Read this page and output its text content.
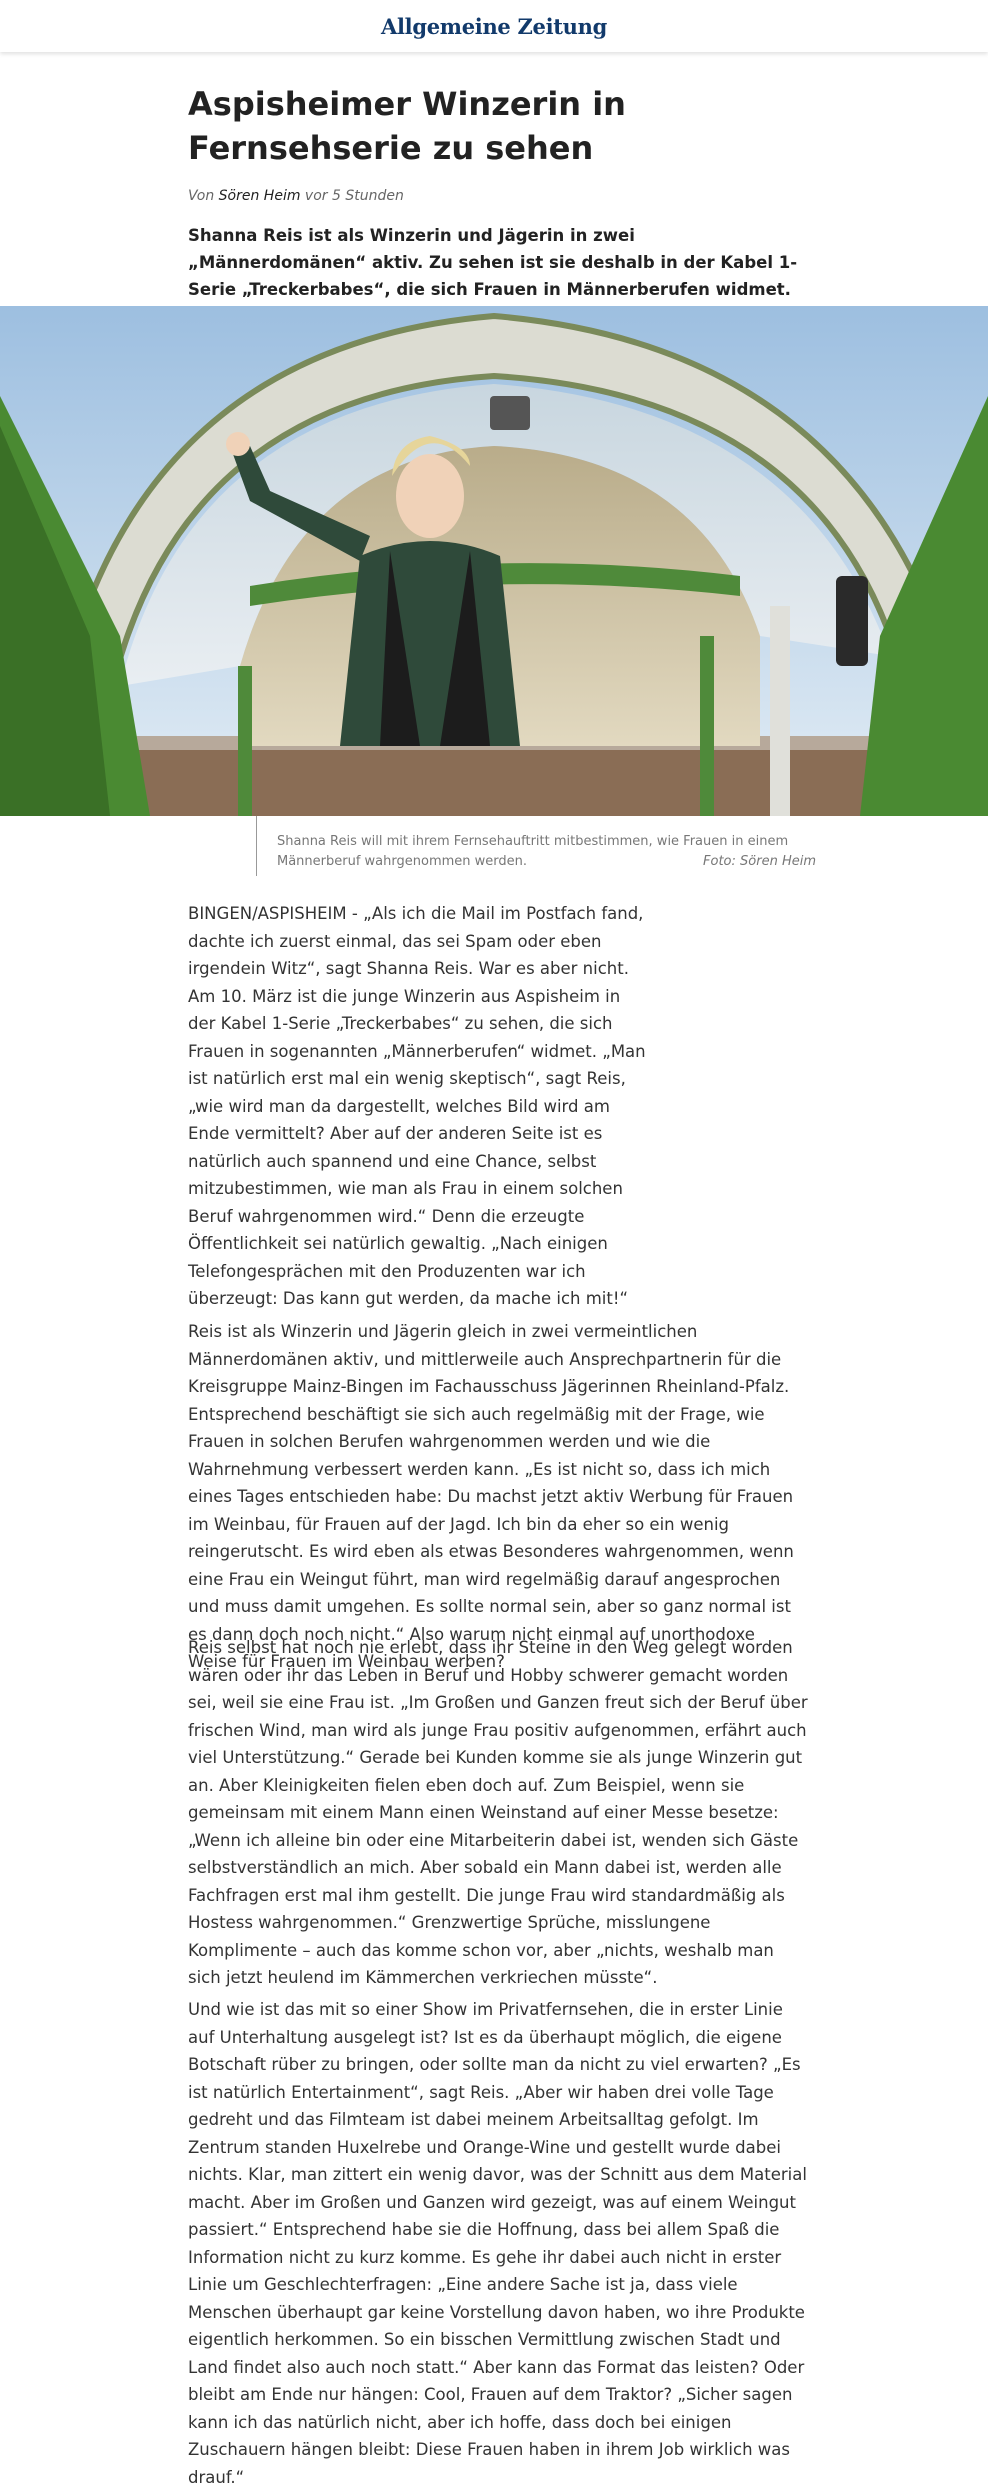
Allgemeine Zeitung
Aspisheimer Winzerin in Fernsehserie zu sehen
Von Sören Heim vor 5 Stunden
Shanna Reis ist als Winzerin und Jägerin in zwei „Männerdomänen“ aktiv. Zu sehen ist sie deshalb in der Kabel 1-Serie „Treckerbabes“, die sich Frauen in Männerberufen widmet.
Shanna Reis will mit ihrem Fernsehauftritt mitbestimmen, wie Frauen in einem Männerberuf wahrgenommen werden.	Foto: Sören Heim

BINGEN/ASPISHEIM - „Als ich die Mail im Postfach fand, dachte ich zuerst einmal, das sei Spam oder eben irgendein Witz“, sagt Shanna Reis. War es aber nicht. Am 10. März ist die junge Winzerin aus Aspisheim in der Kabel 1-Serie „Treckerbabes“ zu sehen, die sich Frauen in sogenannten „Männerberufen“ widmet. „Man ist natürlich erst mal ein wenig skeptisch“, sagt Reis, „wie wird man da dargestellt, welches Bild wird am Ende vermittelt? Aber auf der anderen Seite ist es natürlich auch spannend und eine Chance, selbst mitzubestimmen, wie man als Frau in einem solchen Beruf wahrgenommen wird.“ Denn die erzeugte Öffentlichkeit sei natürlich gewaltig. „Nach einigen Telefongesprächen mit den Produzenten war ich überzeugt: Das kann gut werden, da mache ich mit!“

Reis ist als Winzerin und Jägerin gleich in zwei vermeintlichen Männerdomänen aktiv, und mittlerweile auch Ansprechpartnerin für die Kreisgruppe Mainz-Bingen im Fachausschuss Jägerinnen Rheinland-Pfalz. Entsprechend beschäftigt sie sich auch regelmäßig mit der Frage, wie Frauen in solchen Berufen wahrgenommen werden und wie die Wahrnehmung verbessert werden kann. „Es ist nicht so, dass ich mich eines Tages entschieden habe: Du machst jetzt aktiv Werbung für Frauen im Weinbau, für Frauen auf der Jagd. Ich bin da eher so ein wenig reingerutscht. Es wird eben als etwas Besonderes wahrgenommen, wenn eine Frau ein Weingut führt, man wird regelmäßig darauf angesprochen und muss damit umgehen. Es sollte normal sein, aber so ganz normal ist es dann doch noch nicht.“ Also warum nicht einmal auf unorthodoxe Weise für Frauen im Weinbau werben?

Reis selbst hat noch nie erlebt, dass ihr Steine in den Weg gelegt worden wären oder ihr das Leben in Beruf und Hobby schwerer gemacht worden sei, weil sie eine Frau ist. „Im Großen und Ganzen freut sich der Beruf über frischen Wind, man wird als junge Frau positiv aufgenommen, erfährt auch viel Unterstützung.“ Gerade bei Kunden komme sie als junge Winzerin gut an. Aber Kleinigkeiten fielen eben doch auf. Zum Beispiel, wenn sie gemeinsam mit einem Mann einen Weinstand auf einer Messe besetze: „Wenn ich alleine bin oder eine Mitarbeiterin dabei ist, wenden sich Gäste selbstverständlich an mich. Aber sobald ein Mann dabei ist, werden alle Fachfragen erst mal ihm gestellt. Die junge Frau wird standardmäßig als Hostess wahrgenommen.“ Grenzwertige Sprüche, misslungene Komplimente – auch das komme schon vor, aber „nichts, weshalb man sich jetzt heulend im Kämmerchen verkriechen müsste“.

Und wie ist das mit so einer Show im Privatfernsehen, die in erster Linie auf Unterhaltung ausgelegt ist? Ist es da überhaupt möglich, die eigene Botschaft rüber zu bringen, oder sollte man da nicht zu viel erwarten? „Es ist natürlich Entertainment“, sagt Reis. „Aber wir haben drei volle Tage gedreht und das Filmteam ist dabei meinem Arbeitsalltag gefolgt. Im Zentrum standen Huxelrebe und Orange-Wine und gestellt wurde dabei nichts. Klar, man zittert ein wenig davor, was der Schnitt aus dem Material macht. Aber im Großen und Ganzen wird gezeigt, was auf einem Weingut passiert.“ Entsprechend habe sie die Hoffnung, dass bei allem Spaß die Information nicht zu kurz komme. Es gehe ihr dabei auch nicht in erster Linie um Geschlechterfragen: „Eine andere Sache ist ja, dass viele Menschen überhaupt gar keine Vorstellung davon haben, wo ihre Produkte eigentlich herkommen. So ein bisschen Vermittlung zwischen Stadt und Land findet also auch noch statt.“ Aber kann das Format das leisten? Oder bleibt am Ende nur hängen: Cool, Frauen auf dem Traktor? „Sicher sagen kann ich das natürlich nicht, aber ich hoffe, dass doch bei einigen Zuschauern hängen bleibt: Diese Frauen haben in ihrem Job wirklich was drauf.“
